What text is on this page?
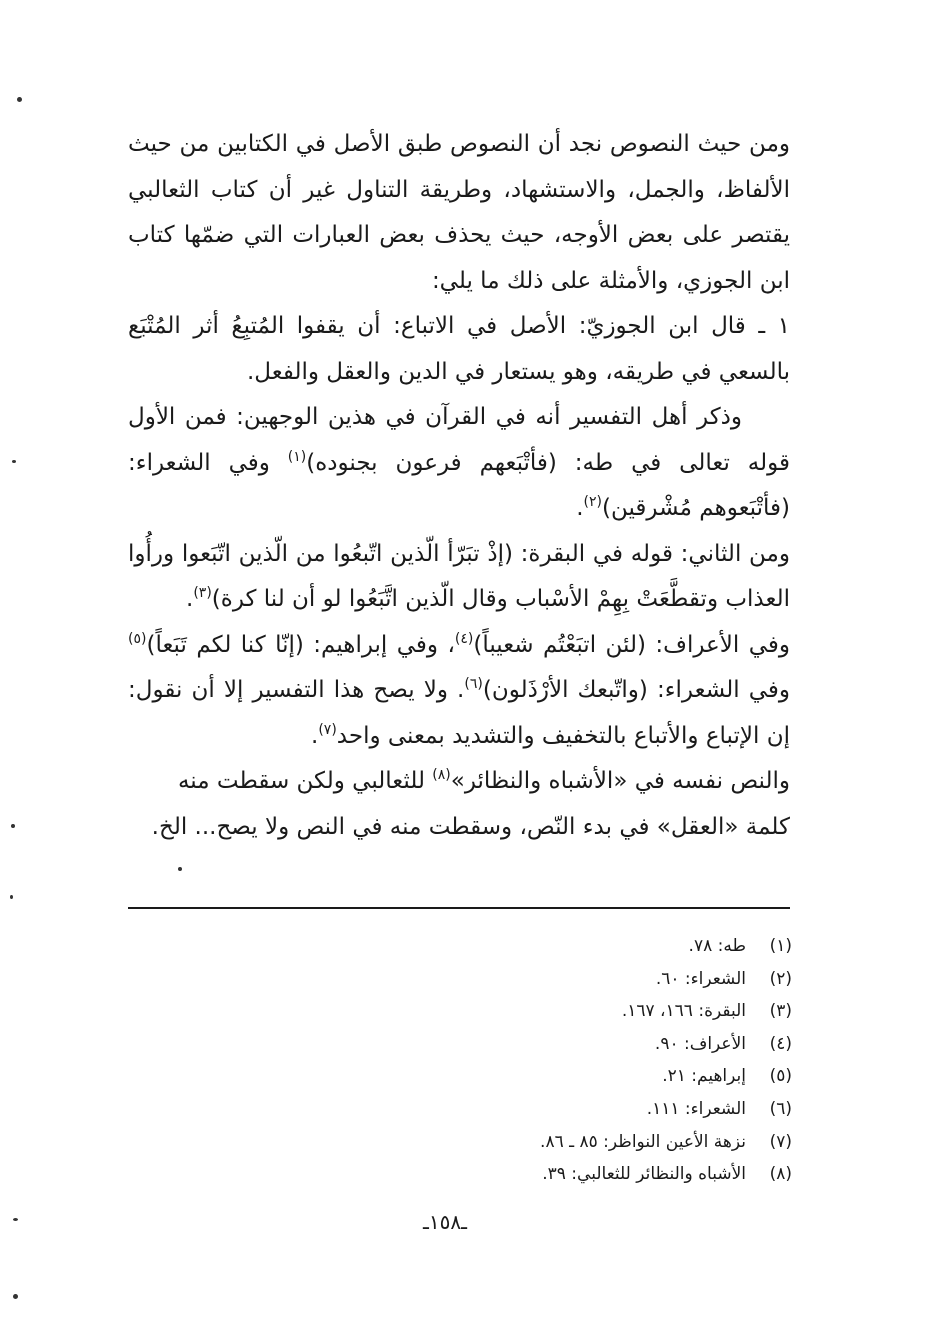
ومن حيث النصوص نجد أن النصوص طبق الأصل في الكتابين من حيث الألفاظ، والجمل، والاستشهاد، وطريقة التناول غير أن كتاب الثعالبي يقتصر على بعض الأوجه، حيث يحذف بعض العبارات التي ضمّها كتاب ابن الجوزي، والأمثلة على ذلك ما يلي:

١ ـ قال ابن الجوزيّ: الأصل في الاتباع: أن يقفوا المُتبِعُ أثر المُتْبَع بالسعي في طريقه، وهو يستعار في الدين والعقل والفعل.

وذكر أهل التفسير أنه في القرآن في هذين الوجهين: فمن الأول قوله تعالى في طه: (فأتْبَعهم فرعون بجنوده)$^{(١)}$ وفي الشعراء: (فأتْبَعوهم مُشْرقين)$^{(٢)}$.

ومن الثاني: قوله في البقرة: (إذْ تبَرّأ الّذين اتّبعُوا من الّذين اتّبَعوا ورأُوا العذاب وتقطَّعَتْ بِهِمْ الأسْباب وقال الّذين اتَّبَعُوا لو أن لنا كرة)$^{(٣)}$.

وفي الأعراف: (لئن اتبَعْتُم شعيباً)$^{(٤)}$، وفي إبراهيم: (إنّا كنا لكم تَبَعاً)$^{(٥)}$ وفي الشعراء: (واتّبعك الأرْذَلون)$^{(٦)}$. ولا يصح هذا التفسير إلا أن نقول: إن الإتباع والأتباع بالتخفيف والتشديد بمعنى واحد$^{(٧)}$.

والنص نفسه في «الأشباه والنظائر»$^{(٨)}$ للثعالبي ولكن سقطت منه كلمة «العقل» في بدء النّص، وسقطت منه في النص ولا يصح... الخ.

(١)
طه: ٧٨.
(٢)
الشعراء: ٦٠.
(٣)
البقرة: ١٦٦، ١٦٧.
(٤)
الأعراف: ٩٠.
(٥)
إبراهيم: ٢١.
(٦)
الشعراء: ١١١.
(٧)
نزهة الأعين النواظر: ٨٥ ـ ٨٦.
(٨)
الأشباه والنظائر للثعالبي: ٣٩.
ـ١٥٨ـ
